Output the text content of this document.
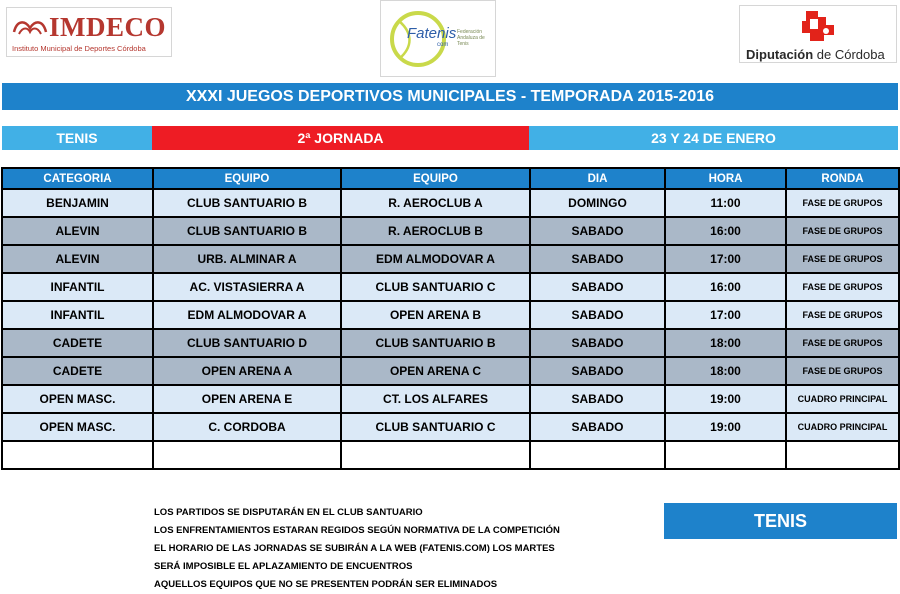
IMDECO
Instituto Municipal de Deportes Córdoba
Fatenis
com
Federación Andaluza de Tenis
Diputación de Córdoba
XXXI JUEGOS DEPORTIVOS MUNICIPALES - TEMPORADA 2015-2016
TENIS	2ª JORNADA	23 Y 24 DE ENERO
CATEGORIA	EQUIPO	EQUIPO	DIA	HORA	RONDA
BENJAMIN	CLUB SANTUARIO B	R. AEROCLUB A	DOMINGO	11:00	FASE DE GRUPOS
ALEVIN	CLUB SANTUARIO B	R. AEROCLUB B	SABADO	16:00	FASE DE GRUPOS
ALEVIN	URB. ALMINAR A	EDM ALMODOVAR A	SABADO	17:00	FASE DE GRUPOS
INFANTIL	AC. VISTASIERRA A	CLUB SANTUARIO C	SABADO	16:00	FASE DE GRUPOS
INFANTIL	EDM ALMODOVAR A	OPEN ARENA B	SABADO	17:00	FASE DE GRUPOS
CADETE	CLUB SANTUARIO D	CLUB SANTUARIO B	SABADO	18:00	FASE DE GRUPOS
CADETE	OPEN ARENA A	OPEN ARENA C	SABADO	18:00	FASE DE GRUPOS
OPEN MASC.	OPEN ARENA E	CT. LOS ALFARES	SABADO	19:00	CUADRO PRINCIPAL
OPEN MASC.	C. CORDOBA	CLUB SANTUARIO C	SABADO	19:00	CUADRO PRINCIPAL

LOS PARTIDOS SE DISPUTARÁN EN EL CLUB SANTUARIO
LOS ENFRENTAMIENTOS ESTARAN REGIDOS SEGÚN NORMATIVA DE LA COMPETICIÓN
EL HORARIO DE LAS JORNADAS SE SUBIRÁN A LA WEB (FATENIS.COM) LOS MARTES
SERÁ IMPOSIBLE EL APLAZAMIENTO DE ENCUENTROS
AQUELLOS EQUIPOS QUE NO SE PRESENTEN PODRÁN SER ELIMINADOS
TENIS
